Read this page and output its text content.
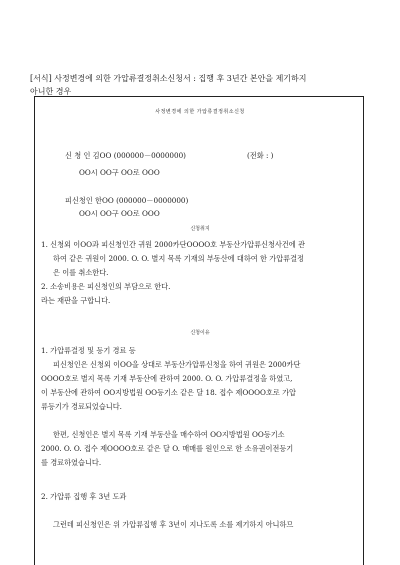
[서식] 사정변경에 의한 가압류결정취소신청서 : 집행 후 3년간 본안을 제기하지
아니한 경우
사정변경에 의한 가압류결정취소신청
신 청 인 김OO (000000－0000000)	(전화 : )
OO시 OO구 OO로 OOO
피신청인 한OO (000000－0000000)
OO시 OO구 OO로 OOO
신청취지
1. 신청외 이OO과 피신청인간 귀원 2000카단OOOO호 부동산가압류신청사건에 관
하여 같은 귀원이 2000. O. O. 별지 목록 기재의 부동산에 대하여 한 가압류결정
은 이를 취소한다.
2. 소송비용은 피신청인의 부담으로 한다.
라는 재판을 구합니다.
신청이유
1. 가압류결정 및 등기 경료 등
피신청인은 신청외 이OO을 상대로 부동산가압류신청을 하여 귀원은 2000카단
OOOO호로 별지 목록 기재 부동산에 관하여 2000. O. O. 가압류결정을 하였고,
이 부동산에 관하여 OO지방법원 OO등기소 같은 달 18. 접수 제OOOO호로 가압
류등기가 경료되었습니다.
한편, 신청인은 별지 목록 기재 부동산을 매수하여 OO지방법원 OO등기소
2000. O. O. 접수 제OOOO호로 같은 달 O. 매매를 원인으로 한 소유권이전등기
를 경료하였습니다.
2. 가압류 집행 후 3년 도과
그런데 피신청인은 위 가압류집행 후 3년이 지나도록 소를 제기하지 아니하므
